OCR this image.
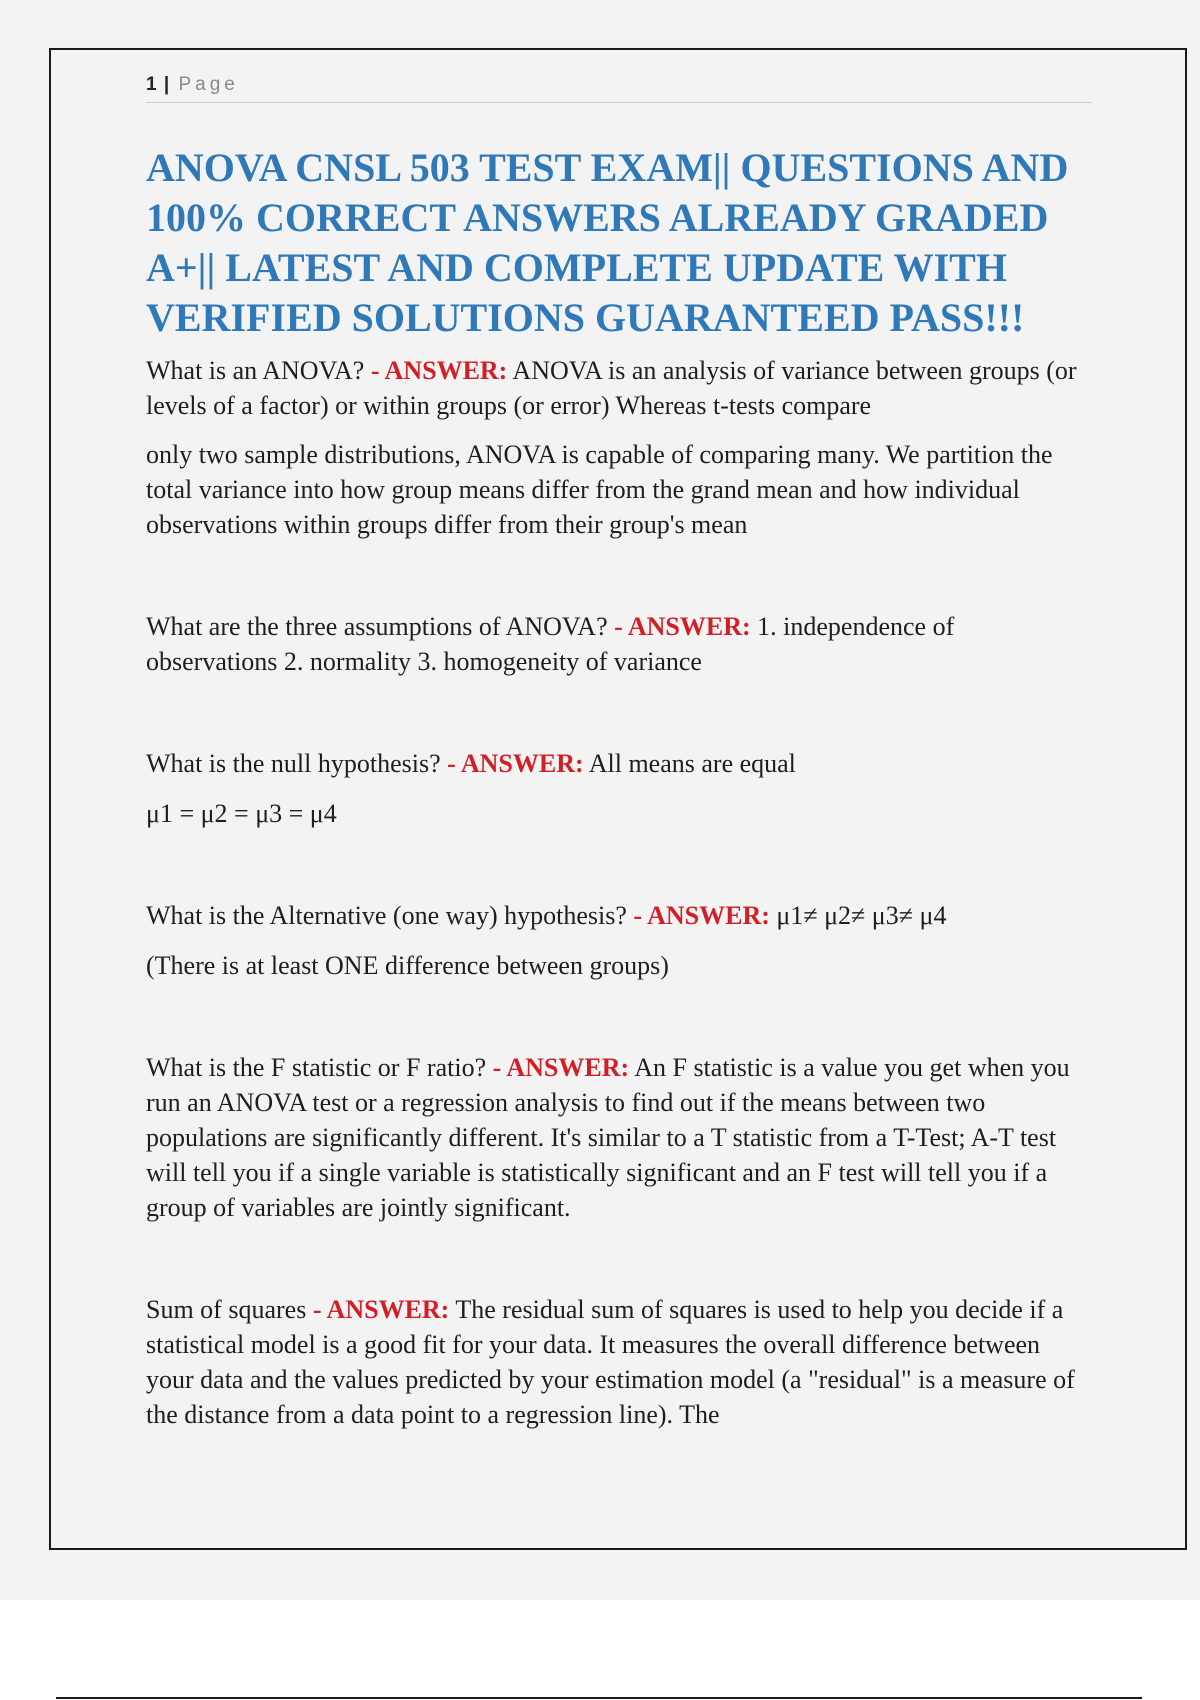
1 | Page
ANOVA CNSL 503 TEST EXAM|| QUESTIONS AND 100% CORRECT ANSWERS ALREADY GRADED A+|| LATEST AND COMPLETE UPDATE WITH VERIFIED SOLUTIONS GUARANTEED PASS!!!
What is an ANOVA? - ANSWER: ANOVA is an analysis of variance between groups (or levels of a factor) or within groups (or error) Whereas t-tests compare
only two sample distributions, ANOVA is capable of comparing many. We partition the total variance into how group means differ from the grand mean and how individual observations within groups differ from their group's mean
What are the three assumptions of ANOVA? - ANSWER: 1. independence of observations 2. normality 3. homogeneity of variance
What is the null hypothesis? - ANSWER: All means are equal
μ1 = μ2 = μ3 = μ4
What is the Alternative (one way) hypothesis? - ANSWER: μ1≠ μ2≠ μ3≠ μ4
(There is at least ONE difference between groups)
What is the F statistic or F ratio? - ANSWER: An F statistic is a value you get when you run an ANOVA test or a regression analysis to find out if the means between two populations are significantly different. It's similar to a T statistic from a T-Test; A-T test will tell you if a single variable is statistically significant and an F test will tell you if a group of variables are jointly significant.
Sum of squares - ANSWER: The residual sum of squares is used to help you decide if a statistical model is a good fit for your data. It measures the overall difference between your data and the values predicted by your estimation model (a "residual" is a measure of the distance from a data point to a regression line). The
